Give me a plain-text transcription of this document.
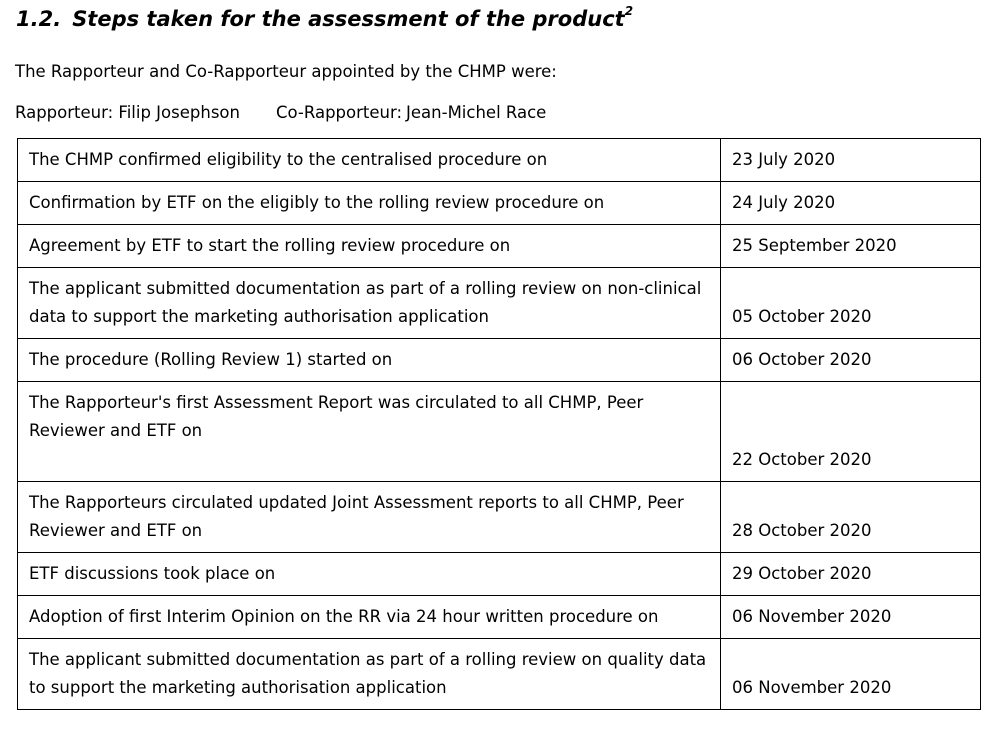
1.2. Steps taken for the assessment of the product$^2$
The Rapporteur and Co-Rapporteur appointed by the CHMP were:
Rapporteur: Filip Josephson Co-Rapporteur: Jean-Michel Race
The CHMP confirmed eligibility to the centralised procedure on	23 July 2020
Confirmation by ETF on the eligibly to the rolling review procedure on	24 July 2020
Agreement by ETF to start the rolling review procedure on	25 September 2020
The applicant submitted documentation as part of a rolling review on non-clinical data to support the marketing authorisation application	05 October 2020
The procedure (Rolling Review 1) started on	06 October 2020
The Rapporteur's first Assessment Report was circulated to all CHMP, Peer Reviewer and ETF on	22 October 2020
The Rapporteurs circulated updated Joint Assessment reports to all CHMP, Peer Reviewer and ETF on	28 October 2020
ETF discussions took place on	29 October 2020
Adoption of first Interim Opinion on the RR via 24 hour written procedure on	06 November 2020
The applicant submitted documentation as part of a rolling review on quality data to support the marketing authorisation application	06 November 2020
